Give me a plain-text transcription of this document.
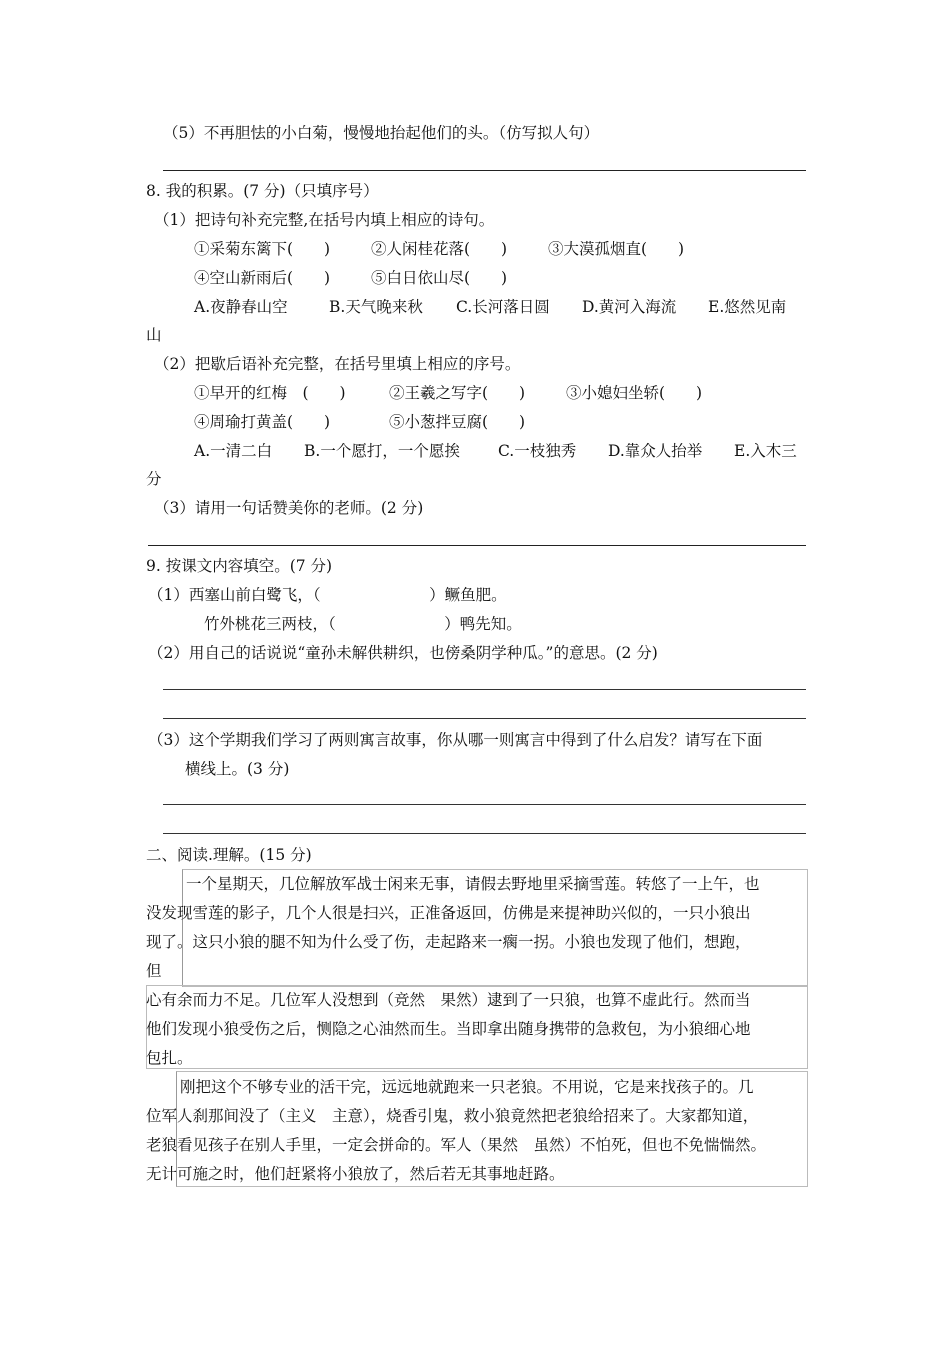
（5）不再胆怯的小白菊，慢慢地抬起他们的头。（仿写拟人句）
8. 我的积累。(7 分)（只填序号）
（1）把诗句补充完整,在括号内填上相应的诗句。
①采菊东篱下(　　)	②人闲桂花落(　　)	③大漠孤烟直(　　)
④空山新雨后(　　)	⑤白日依山尽(　　)
A.夜静春山空	B.天气晚来秋 C.长河落日圆 D.黄河入海流 E.悠然见南
山
（2）把歇后语补充完整，在括号里填上相应的序号。
①早开的红梅　(　　)	②王羲之写字(　　)	③小媳妇坐轿(　　)
④周瑜打黄盖(　　)	⑤小葱拌豆腐(　　)
A.一清二白 B.一个愿打，一个愿挨 C.一枝独秀 D.靠众人抬举 E.入木三
分
（3）请用一句话赞美你的老师。(2 分)
9. 按课文内容填空。(7 分)
（1）西塞山前白鹭飞，（　　　　　　　）鳜鱼肥。
竹外桃花三两枝，（　　　　　　　）鸭先知。
（2）用自己的话说说“童孙未解供耕织，也傍桑阴学种瓜。”的意思。(2 分)
（3）这个学期我们学习了两则寓言故事，你从哪一则寓言中得到了什么启发？请写在下面
横线上。(3 分)
二、阅读.理解。(15 分)
一个星期天，几位解放军战士闲来无事，请假去野地里采摘雪莲。转悠了一上午，也
没发现雪莲的影子，几个人很是扫兴，正准备返回，仿佛是来提神助兴似的，一只小狼出
现了。这只小狼的腿不知为什么受了伤，走起路来一瘸一拐。小狼也发现了他们，想跑，
但
心有余而力不足。几位军人没想到（竞然　果然）逮到了一只狼，也算不虚此行。然而当
他们发现小狼受伤之后，恻隐之心油然而生。当即拿出随身携带的急救包，为小狼细心地
包扎。
刚把这个不够专业的活干完，远远地就跑来一只老狼。不用说，它是来找孩子的。几
位军人刹那间没了（主义　主意），烧香引鬼，救小狼竟然把老狼给招来了。大家都知道，
老狼看见孩子在别人手里，一定会拼命的。军人（果然　虽然）不怕死，但也不免惴惴然。
无计可施之时，他们赶紧将小狼放了，然后若无其事地赶路。
